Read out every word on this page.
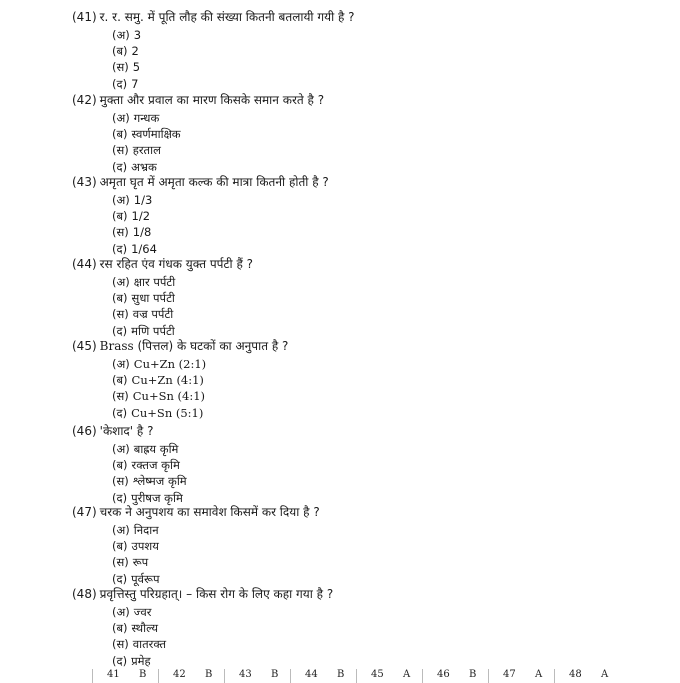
(41) र. र. समु. में पूति लौह की संख्या कितनी बतलायी गयी है ?
(अ) 3
(ब) 2
(स) 5
(द) 7
(42) मुक्ता और प्रवाल का मारण किसके समान करते है ?
(अ) गन्धक
(ब) स्वर्णमाक्षिक
(स) हरताल
(द) अभ्रक
(43) अमृता घृत में अमृता कल्क की मात्रा कितनी होती है ?
(अ) 1/3
(ब) 1/2
(स) 1/8
(द) 1/64
(44) रस रहित एंव गंधक युक्त पर्पटी हैं ?
(अ) क्षार पर्पटी
(ब) सुधा पर्पटी
(स) वज्र पर्पटी
(द) मणि पर्पटी
(45) Brass (पित्तल) के घटकों का अनुपात है ?
(अ) Cu+Zn (2:1)
(ब) Cu+Zn (4:1)
(स) Cu+Sn (4:1)
(द) Cu+Sn (5:1)
(46) 'केशाद' है ?
(अ) बाह्रय कृमि
(ब) रक्तज कृमि
(स) श्लेष्मज कृमि
(द) पुरीषज कृमि
(47) चरक ने अनुपशय का समावेश किसमें कर दिया है ?
(अ) निदान
(ब) उपशय
(स) रूप
(द) पूर्वरूप
(48) प्रवृत्तिस्तु परिग्रहात्। – किस रोग के लिए कहा गया है ?
(अ) ज्वर
(ब) स्थौल्य
(स) वातरक्त
(द) प्रमेह
41 B	42 B	43 B	44 B	45 A	46 B	47 A	48 A
